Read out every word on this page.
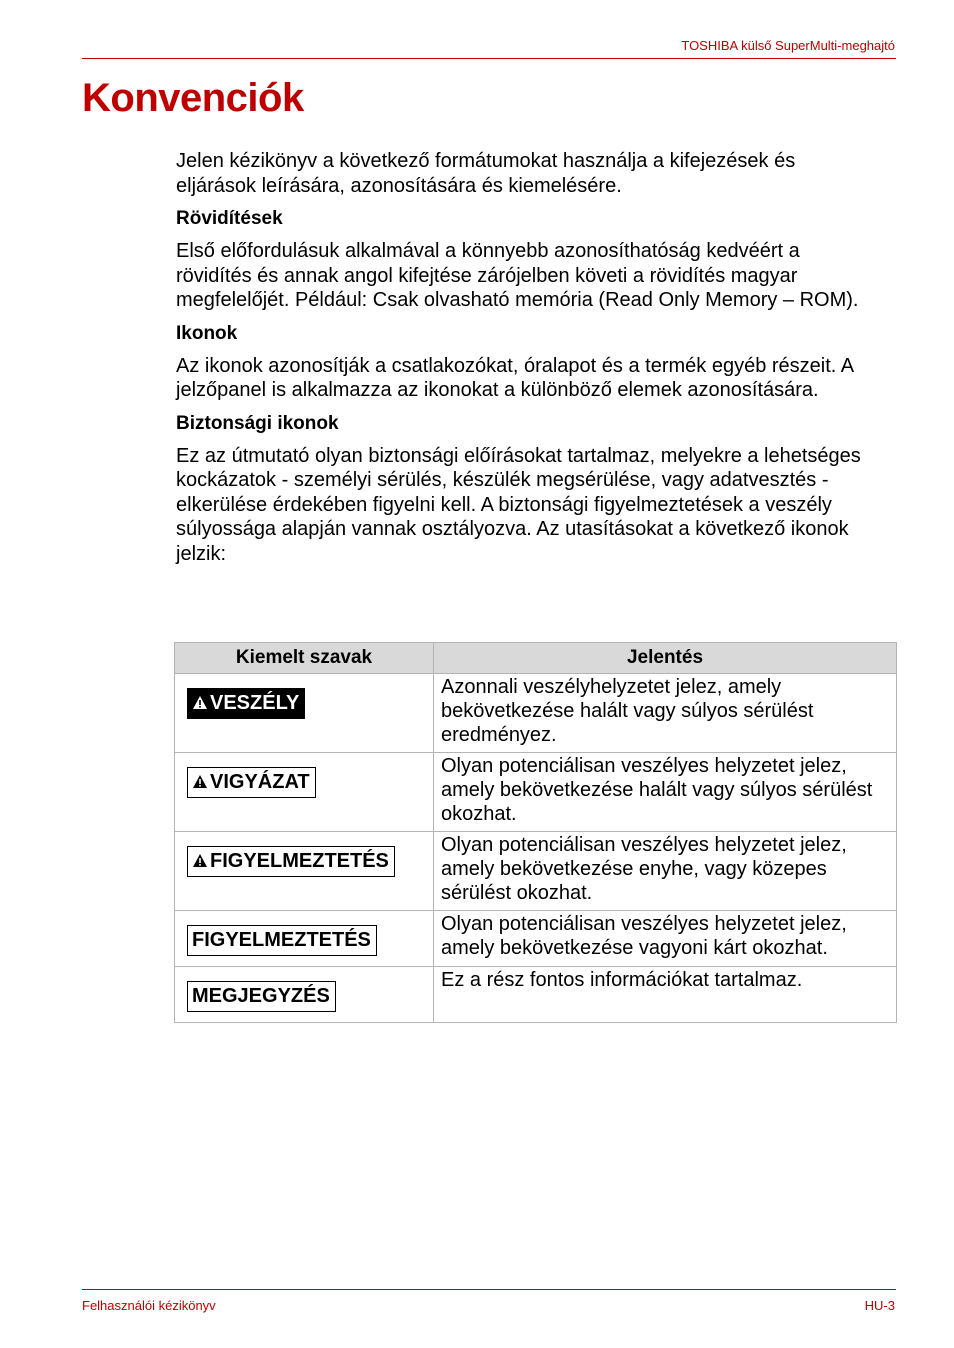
TOSHIBA külső SuperMulti-meghajtó
Konvenciók

Jelen kézikönyv a következő formátumokat használja a kifejezések és eljárások leírására, azonosítására és kiemelésére.

Rövidítések

Első előfordulásuk alkalmával a könnyebb azonosíthatóság kedvéért a rövidítés és annak angol kifejtése zárójelben követi a rövidítés magyar megfelelőjét. Például: Csak olvasható memória (Read Only Memory – ROM).

Ikonok

Az ikonok azonosítják a csatlakozókat, óralapot és a termék egyéb részeit. A jelzőpanel is alkalmazza az ikonokat a különböző elemek azonosítására.

Biztonsági ikonok

Ez az útmutató olyan biztonsági előírásokat tartalmaz, melyekre a lehetséges kockázatok - személyi sérülés, készülék megsérülése, vagy adatvesztés - elkerülése érdekében figyelni kell. A biztonsági figyelmeztetések a veszély súlyossága alapján vannak osztályozva. Az utasításokat a következő ikonok jelzik:

Kiemelt szavak	Jelentés
VESZÉLY	Azonnali veszélyhelyzetet jelez, amely bekövetkezése halált vagy súlyos sérülést eredményez.
VIGYÁZAT	Olyan potenciálisan veszélyes helyzetet jelez, amely bekövetkezése halált vagy súlyos sérülést okozhat.
FIGYELMEZTETÉS	Olyan potenciálisan veszélyes helyzetet jelez, amely bekövetkezése enyhe, vagy közepes sérülést okozhat.
FIGYELMEZTETÉS	Olyan potenciálisan veszélyes helyzetet jelez, amely bekövetkezése vagyoni kárt okozhat.
MEGJEGYZÉS	Ez a rész fontos információkat tartalmaz.
Felhasználói kézikönyv	HU-3
